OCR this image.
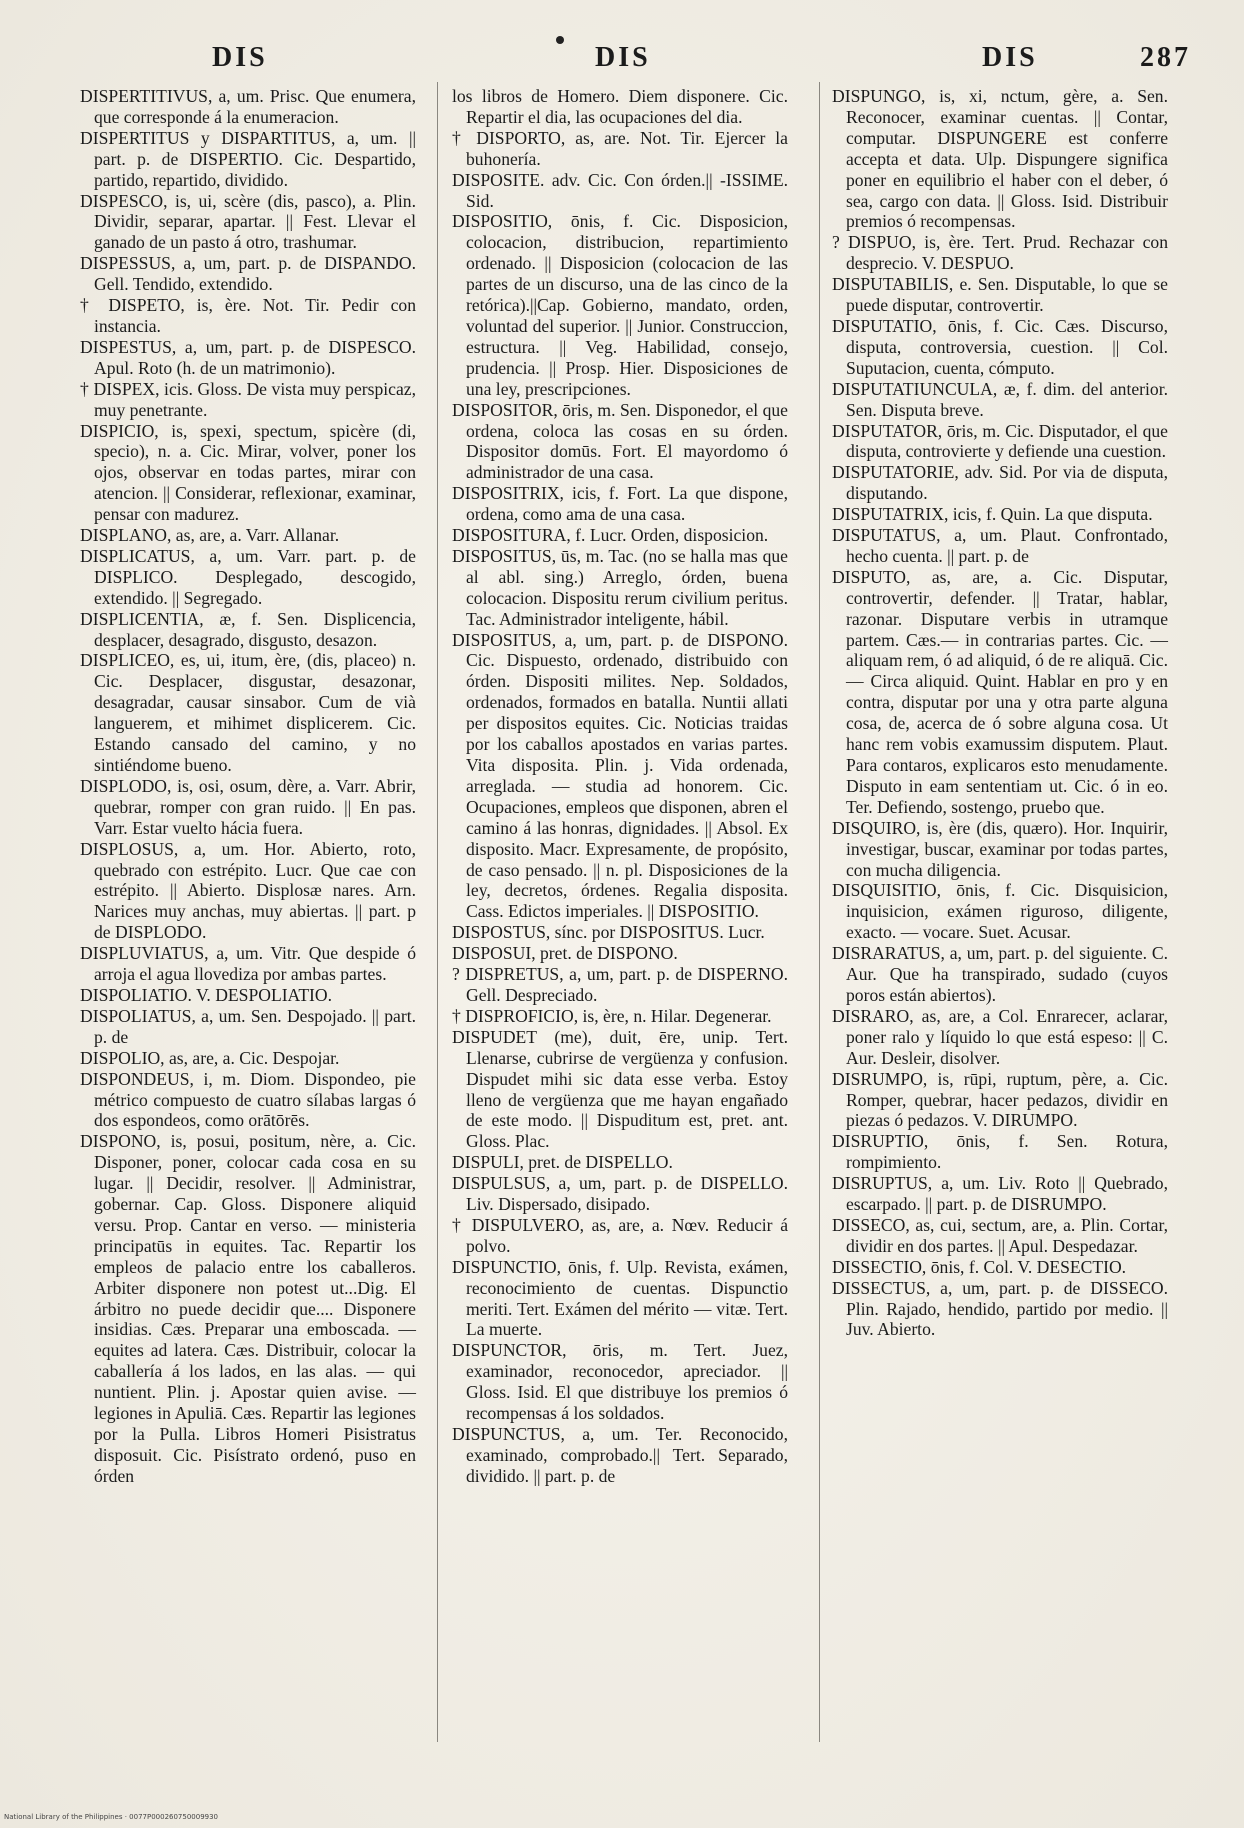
DIS	DIS	DIS	287

DISPERTITIVUS, a, um. Prisc. Que enumera, que corresponde á la enumeracion.

DISPERTITUS y DISPARTITUS, a, um. || part. p. de DISPERTIO. Cic. Despartido, partido, repartido, dividido.

DISPESCO, is, ui, scère (dis, pasco), a. Plin. Dividir, separar, apartar. || Fest. Llevar el ganado de un pasto á otro, trashumar.

DISPESSUS, a, um, part. p. de DISPANDO. Gell. Tendido, extendido.

† DISPETO, is, ère. Not. Tir. Pedir con instancia.

DISPESTUS, a, um, part. p. de DISPESCO. Apul. Roto (h. de un matrimonio).

† DISPEX, icis. Gloss. De vista muy perspicaz, muy penetrante.

DISPICIO, is, spexi, spectum, spicère (di, specio), n. a. Cic. Mirar, volver, poner los ojos, observar en todas partes, mirar con atencion. || Considerar, reflexionar, examinar, pensar con madurez.

DISPLANO, as, are, a. Varr. Allanar.

DISPLICATUS, a, um. Varr. part. p. de DISPLICO. Desplegado, descogido, extendido. || Segregado.

DISPLICENTIA, æ, f. Sen. Displicencia, desplacer, desagrado, disgusto, desazon.

DISPLICEO, es, ui, itum, ère, (dis, placeo) n. Cic. Desplacer, disgustar, desazonar, desagradar, causar sinsabor. Cum de vià languerem, et mihimet displicerem. Cic. Estando cansado del camino, y no sintiéndome bueno.

DISPLODO, is, osi, osum, dère, a. Varr. Abrir, quebrar, romper con gran ruido. || En pas. Varr. Estar vuelto hácia fuera.

DISPLOSUS, a, um. Hor. Abierto, roto, quebrado con estrépito. Lucr. Que cae con estrépito. || Abierto. Displosæ nares. Arn. Narices muy anchas, muy abiertas. || part. p de DISPLODO.

DISPLUVIATUS, a, um. Vitr. Que despide ó arroja el agua llovediza por ambas partes.

DISPOLIATIO. V. DESPOLIATIO.

DISPOLIATUS, a, um. Sen. Despojado. || part. p. de

DISPOLIO, as, are, a. Cic. Despojar.

DISPONDEUS, i, m. Diom. Dispondeo, pie métrico compuesto de cuatro sílabas largas ó dos espondeos, como orātōrēs.

DISPONO, is, posui, positum, nère, a. Cic. Disponer, poner, colocar cada cosa en su lugar. || Decidir, resolver. || Administrar, gobernar. Cap. Gloss. Disponere aliquid versu. Prop. Cantar en verso. — ministeria principatūs in equites. Tac. Repartir los empleos de palacio entre los caballeros. Arbiter disponere non potest ut...Dig. El árbitro no puede decidir que.... Disponere insidias. Cæs. Preparar una emboscada. — equites ad latera. Cæs. Distribuir, colocar la caballería á los lados, en las alas. — qui nuntient. Plin. j. Apostar quien avise. — legiones in Apuliā. Cæs. Repartir las legiones por la Pulla. Libros Homeri Pisistratus disposuit. Cic. Pisístrato ordenó, puso en órden

los libros de Homero. Diem disponere. Cic. Repartir el dia, las ocupaciones del dia.

† DISPORTO, as, are. Not. Tir. Ejercer la buhonería.

DISPOSITE. adv. Cic. Con órden.|| -ISSIME. Sid.

DISPOSITIO, ōnis, f. Cic. Disposicion, colocacion, distribucion, repartimiento ordenado. || Disposicion (colocacion de las partes de un discurso, una de las cinco de la retórica).||Cap. Gobierno, mandato, orden, voluntad del superior. || Junior. Construccion, estructura. || Veg. Habilidad, consejo, prudencia. || Prosp. Hier. Disposiciones de una ley, prescripciones.

DISPOSITOR, ōris, m. Sen. Disponedor, el que ordena, coloca las cosas en su órden. Dispositor domūs. Fort. El mayordomo ó administrador de una casa.

DISPOSITRIX, icis, f. Fort. La que dispone, ordena, como ama de una casa.

DISPOSITURA, f. Lucr. Orden, disposicion.

DISPOSITUS, ūs, m. Tac. (no se halla mas que al abl. sing.) Arreglo, órden, buena colocacion. Dispositu rerum civilium peritus. Tac. Administrador inteligente, hábil.

DISPOSITUS, a, um, part. p. de DISPONO. Cic. Dispuesto, ordenado, distribuido con órden. Dispositi milites. Nep. Soldados, ordenados, formados en batalla. Nuntii allati per dispositos equites. Cic. Noticias traidas por los caballos apostados en varias partes. Vita disposita. Plin. j. Vida ordenada, arreglada. — studia ad honorem. Cic. Ocupaciones, empleos que disponen, abren el camino á las honras, dignidades. || Absol. Ex disposito. Macr. Expresamente, de propósito, de caso pensado. || n. pl. Disposiciones de la ley, decretos, órdenes. Regalia disposita. Cass. Edictos imperiales. || DISPOSITIO.

DISPOSTUS, sínc. por DISPOSITUS. Lucr.

DISPOSUI, pret. de DISPONO.

? DISPRETUS, a, um, part. p. de DISPERNO. Gell. Despreciado.

† DISPROFICIO, is, ère, n. Hilar. Degenerar.

DISPUDET (me), duit, ēre, unip. Tert. Llenarse, cubrirse de vergüenza y confusion. Dispudet mihi sic data esse verba. Estoy lleno de vergüenza que me hayan engañado de este modo. || Dispuditum est, pret. ant. Gloss. Plac.

DISPULI, pret. de DISPELLO.

DISPULSUS, a, um, part. p. de DISPELLO. Liv. Dispersado, disipado.

† DISPULVERO, as, are, a. Nœv. Reducir á polvo.

DISPUNCTIO, ōnis, f. Ulp. Revista, exámen, reconocimiento de cuentas. Dispunctio meriti. Tert. Exámen del mérito — vitæ. Tert. La muerte.

DISPUNCTOR, ōris, m. Tert. Juez, examinador, reconocedor, apreciador. || Gloss. Isid. El que distribuye los premios ó recompensas á los soldados.

DISPUNCTUS, a, um. Ter. Reconocido, examinado, comprobado.|| Tert. Separado, dividido. || part. p. de

DISPUNGO, is, xi, nctum, gère, a. Sen. Reconocer, examinar cuentas. || Contar, computar. DISPUNGERE est conferre accepta et data. Ulp. Dispungere significa poner en equilibrio el haber con el deber, ó sea, cargo con data. || Gloss. Isid. Distribuir premios ó recompensas.

? DISPUO, is, ère. Tert. Prud. Rechazar con desprecio. V. DESPUO.

DISPUTABILIS, e. Sen. Disputable, lo que se puede disputar, controvertir.

DISPUTATIO, ōnis, f. Cic. Cæs. Discurso, disputa, controversia, cuestion. || Col. Suputacion, cuenta, cómputo.

DISPUTATIUNCULA, æ, f. dim. del anterior. Sen. Disputa breve.

DISPUTATOR, ōris, m. Cic. Disputador, el que disputa, controvierte y defiende una cuestion.

DISPUTATORIE, adv. Sid. Por via de disputa, disputando.

DISPUTATRIX, icis, f. Quin. La que disputa.

DISPUTATUS, a, um. Plaut. Confrontado, hecho cuenta. || part. p. de

DISPUTO, as, are, a. Cic. Disputar, controvertir, defender. || Tratar, hablar, razonar. Disputare verbis in utramque partem. Cæs.— in contrarias partes. Cic. — aliquam rem, ó ad aliquid, ó de re aliquā. Cic. — Circa aliquid. Quint. Hablar en pro y en contra, disputar por una y otra parte alguna cosa, de, acerca de ó sobre alguna cosa. Ut hanc rem vobis examussim disputem. Plaut. Para contaros, explicaros esto menudamente. Disputo in eam sententiam ut. Cic. ó in eo. Ter. Defiendo, sostengo, pruebo que.

DISQUIRO, is, ère (dis, quæro). Hor. Inquirir, investigar, buscar, examinar por todas partes, con mucha diligencia.

DISQUISITIO, ōnis, f. Cic. Disquisicion, inquisicion, exámen riguroso, diligente, exacto. — vocare. Suet. Acusar.

DISRARATUS, a, um, part. p. del siguiente. C. Aur. Que ha transpirado, sudado (cuyos poros están abiertos).

DISRARO, as, are, a Col. Enrarecer, aclarar, poner ralo y líquido lo que está espeso: || C. Aur. Desleir, disolver.

DISRUMPO, is, rūpi, ruptum, père, a. Cic. Romper, quebrar, hacer pedazos, dividir en piezas ó pedazos. V. DIRUMPO.

DISRUPTIO, ōnis, f. Sen. Rotura, rompimiento.

DISRUPTUS, a, um. Liv. Roto || Quebrado, escarpado. || part. p. de DISRUMPO.

DISSECO, as, cui, sectum, are, a. Plin. Cortar, dividir en dos partes. || Apul. Despedazar.

DISSECTIO, ōnis, f. Col. V. DESECTIO.

DISSECTUS, a, um, part. p. de DISSECO. Plin. Rajado, hendido, partido por medio. || Juv. Abierto.

National Library of the Philippines · 0077P000260750009930
